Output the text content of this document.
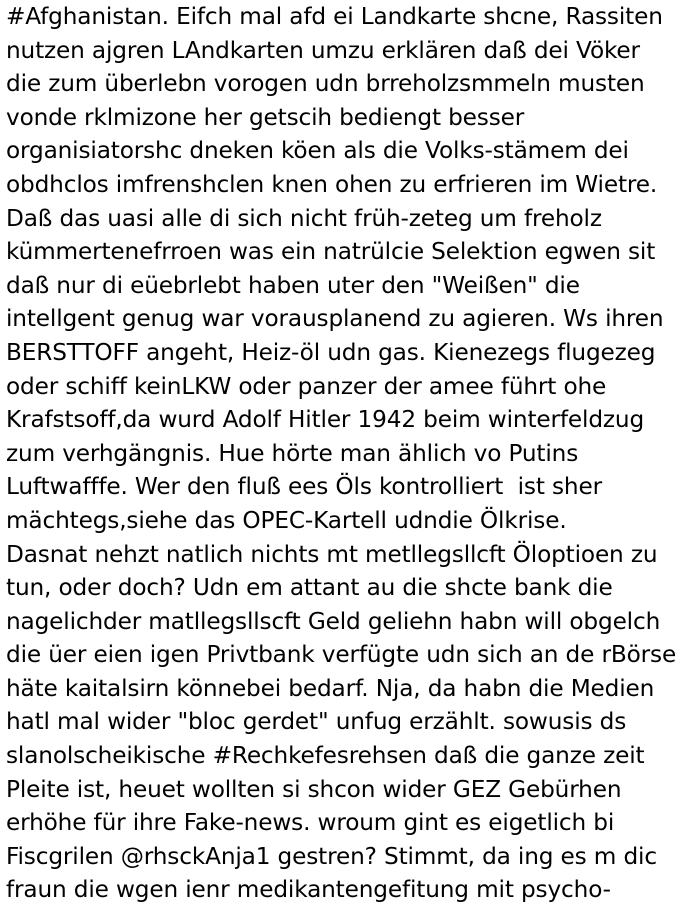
#Afghanistan. Eifch mal afd ei Landkarte shcne, Rassiten
nutzen ajgren LAndkarten umzu erklären daß dei Vöker
die zum überlebn vorogen udn brreholzsmmeln musten
vonde rklmizone her getscih bediengt besser
organisiatorshc dneken köen als die Volks-stämem dei
obdhclos imfrenshclen knen ohen zu erfrieren im Wietre.
Daß das uasi alle di sich nicht früh-zeteg um freholz
kümmertenefrroen was ein natrülcie Selektion egwen sit
daß nur di eüebrlebt haben uter den "Weißen" die
intellgent genug war vorausplanend zu agieren. Ws ihren
BERSTTOFF angeht, Heiz-öl udn gas. Kienezegs flugezeg
oder schiff keinLKW oder panzer der amee führt ohe
Krafstsoff,da wurd Adolf Hitler 1942 beim winterfeldzug
zum verhgängnis. Hue hörte man ählich vo Putins
Luftwafffe. Wer den fluß ees Öls kontrolliert  ist sher
mächtegs,siehe das OPEC-Kartell udndie Ölkrise.
Dasnat nehzt natlich nichts mt metllegsllcft Öloptioen zu
tun, oder doch? Udn em attant au die shcte bank die
nagelichder matllegsllscft Geld geliehn habn will obgelch
die üer eien igen Privtbank verfügte udn sich an de rBörse
häte kaitalsirn könnebei bedarf. Nja, da habn die Medien
hatl mal wider "bloc gerdet" unfug erzählt. sowusis ds
slanolscheikische #Rechkefesrehsen daß die ganze zeit
Pleite ist, heuet wollten si shcon wider GEZ Gebürhen
erhöhe für ihre Fake-news. wroum gint es eigetlich bi
Fiscgrilen @rhsckAnja1 gestren? Stimmt, da ing es m dic
fraun die wgen ienr medikantengefitung mit psycho-
